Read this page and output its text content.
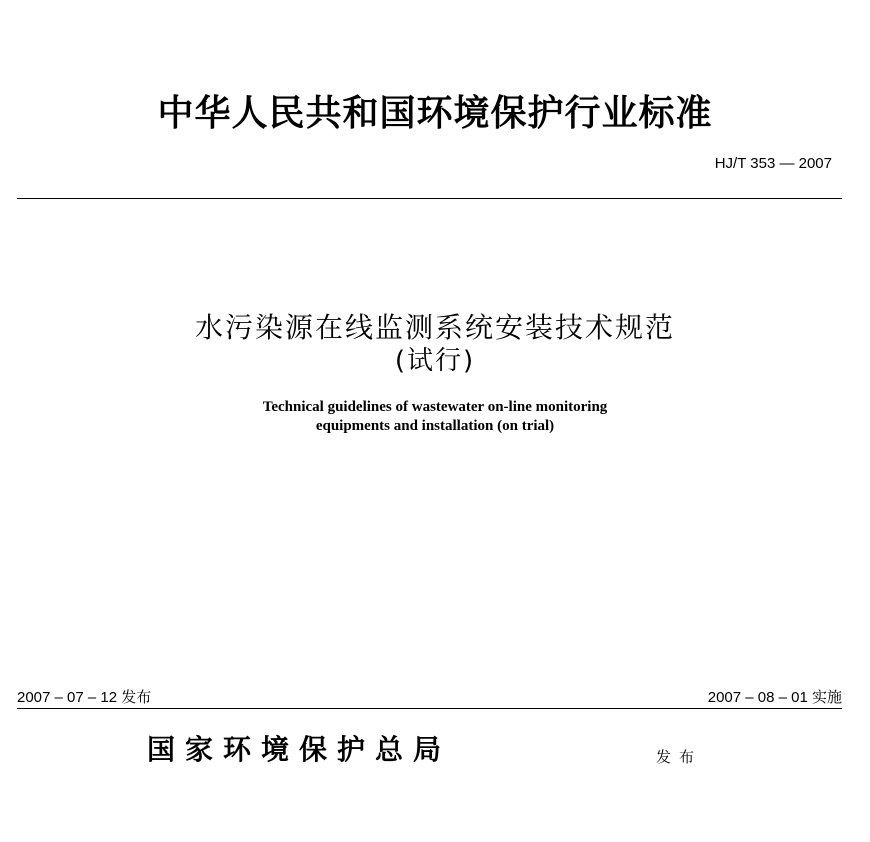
中华人民共和国环境保护行业标准
HJ/T 353 — 2007
水污染源在线监测系统安装技术规范
(试行)
Technical guidelines of wastewater on-line monitoring
equipments and installation (on trial)
2007 – 07 – 12 发布	2007 – 08 – 01 实施
国家环境保护总局	发布
